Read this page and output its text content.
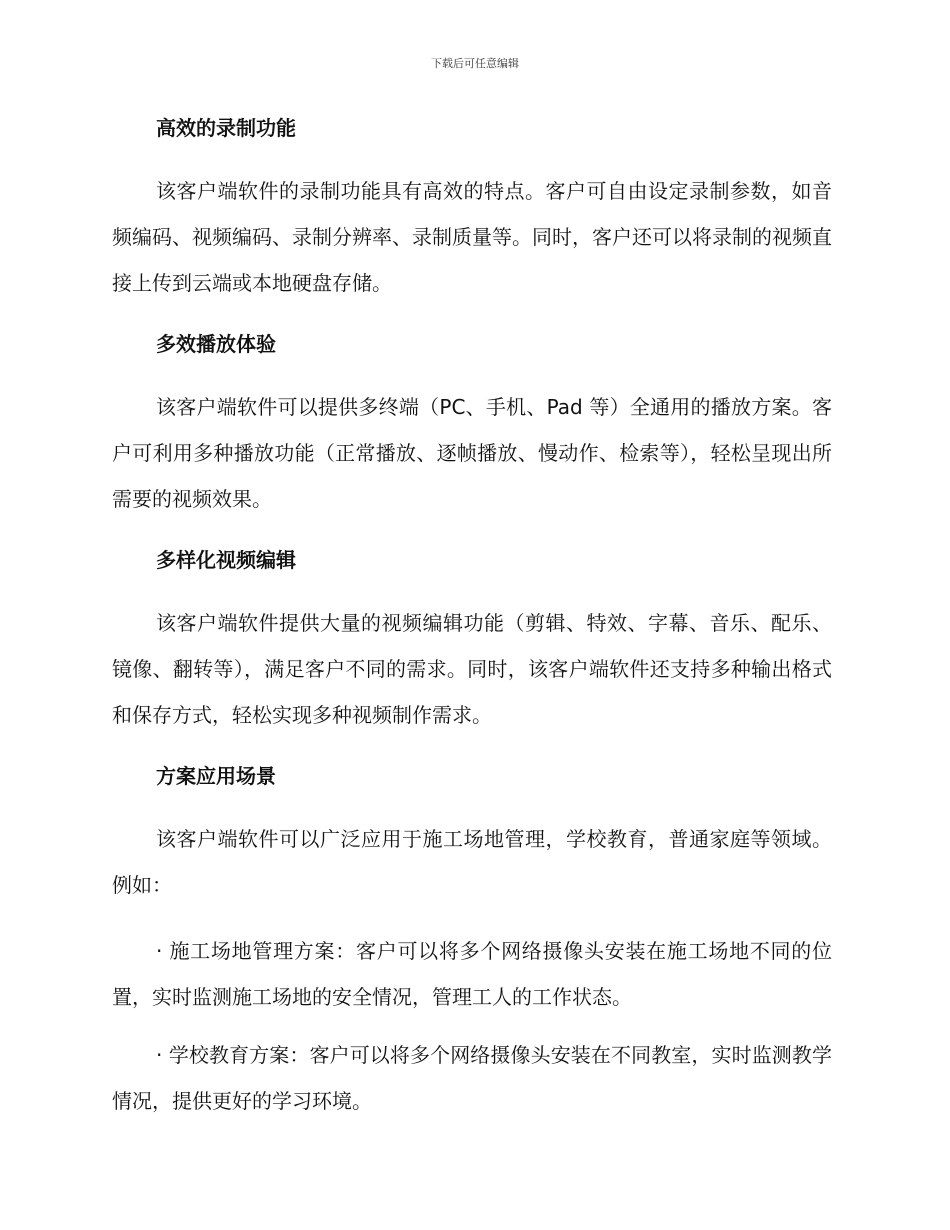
下载后可任意编辑
高效的录制功能
该客户端软件的录制功能具有高效的特点。客户可自由设定录制参数，如音频编码、视频编码、录制分辨率、录制质量等。同时，客户还可以将录制的视频直接上传到云端或本地硬盘存储。
多效播放体验
该客户端软件可以提供多终端（PC、手机、Pad 等）全通用的播放方案。客户可利用多种播放功能（正常播放、逐帧播放、慢动作、检索等），轻松呈现出所需要的视频效果。
多样化视频编辑
该客户端软件提供大量的视频编辑功能（剪辑、特效、字幕、音乐、配乐、镜像、翻转等），满足客户不同的需求。同时，该客户端软件还支持多种输出格式和保存方式，轻松实现多种视频制作需求。
方案应用场景
该客户端软件可以广泛应用于施工场地管理，学校教育，普通家庭等领域。例如：
· 施工场地管理方案：客户可以将多个网络摄像头安装在施工场地不同的位置，实时监测施工场地的安全情况，管理工人的工作状态。
· 学校教育方案：客户可以将多个网络摄像头安装在不同教室，实时监测教学情况，提供更好的学习环境。
